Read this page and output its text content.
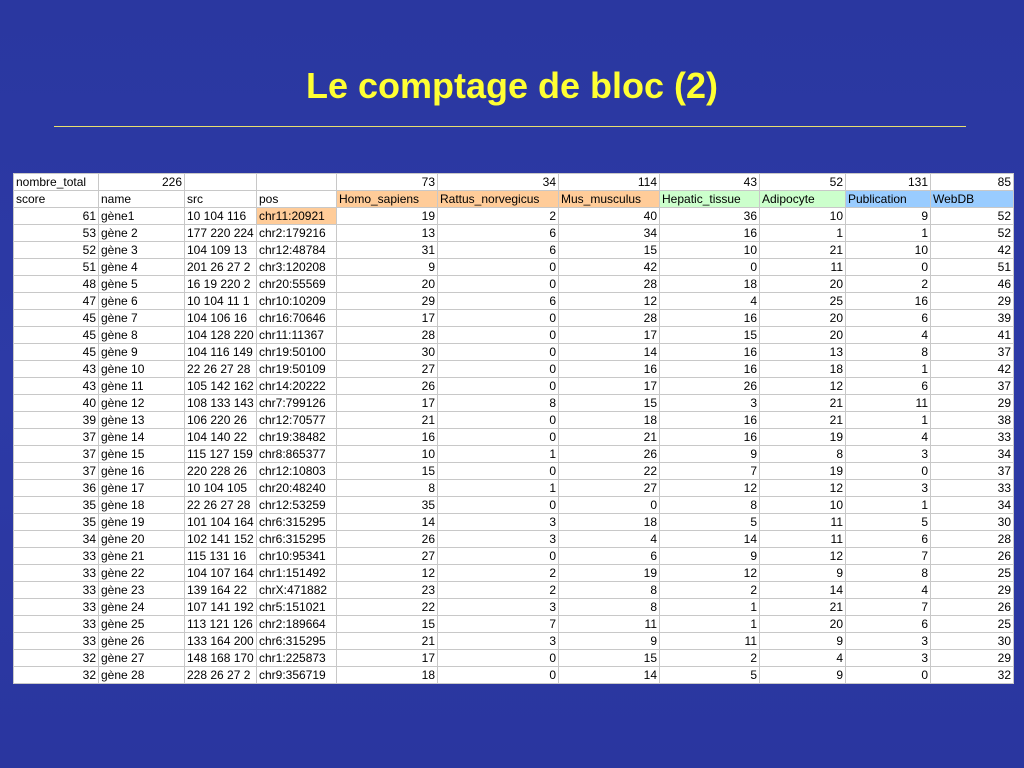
Le comptage de bloc (2)
nombre_total	226			73	34	114	43	52	131	85
score	name	src	pos	Homo_sapiens	Rattus_norvegicus	Mus_musculus	Hepatic_tissue	Adipocyte	Publication	WebDB
61	gène1	10 104 116	chr11:20921	19	2	40	36	10	9	52
53	gène 2	177 220 224	chr2:179216	13	6	34	16	1	1	52
52	gène 3	104 109 13	chr12:48784	31	6	15	10	21	10	42
51	gène 4	201 26 27 2	chr3:120208	9	0	42	0	11	0	51
48	gène 5	16 19 220 2	chr20:55569	20	0	28	18	20	2	46
47	gène 6	10 104 11 1	chr10:10209	29	6	12	4	25	16	29
45	gène 7	104 106 16	chr16:70646	17	0	28	16	20	6	39
45	gène 8	104 128 220	chr11:11367	28	0	17	15	20	4	41
45	gène 9	104 116 149	chr19:50100	30	0	14	16	13	8	37
43	gène 10	22 26 27 28	chr19:50109	27	0	16	16	18	1	42
43	gène 11	105 142 162	chr14:20222	26	0	17	26	12	6	37
40	gène 12	108 133 143	chr7:799126	17	8	15	3	21	11	29
39	gène 13	106 220 26	chr12:70577	21	0	18	16	21	1	38
37	gène 14	104 140 22	chr19:38482	16	0	21	16	19	4	33
37	gène 15	115 127 159	chr8:865377	10	1	26	9	8	3	34
37	gène 16	220 228 26	chr12:10803	15	0	22	7	19	0	37
36	gène 17	10 104 105	chr20:48240	8	1	27	12	12	3	33
35	gène 18	22 26 27 28	chr12:53259	35	0	0	8	10	1	34
35	gène 19	101 104 164	chr6:315295	14	3	18	5	11	5	30
34	gène 20	102 141 152	chr6:315295	26	3	4	14	11	6	28
33	gène 21	115 131 16	chr10:95341	27	0	6	9	12	7	26
33	gène 22	104 107 164	chr1:151492	12	2	19	12	9	8	25
33	gène 23	139 164 22	chrX:471882	23	2	8	2	14	4	29
33	gène 24	107 141 192	chr5:151021	22	3	8	1	21	7	26
33	gène 25	113 121 126	chr2:189664	15	7	11	1	20	6	25
33	gène 26	133 164 200	chr6:315295	21	3	9	11	9	3	30
32	gène 27	148 168 170	chr1:225873	17	0	15	2	4	3	29
32	gène 28	228 26 27 2	chr9:356719	18	0	14	5	9	0	32
